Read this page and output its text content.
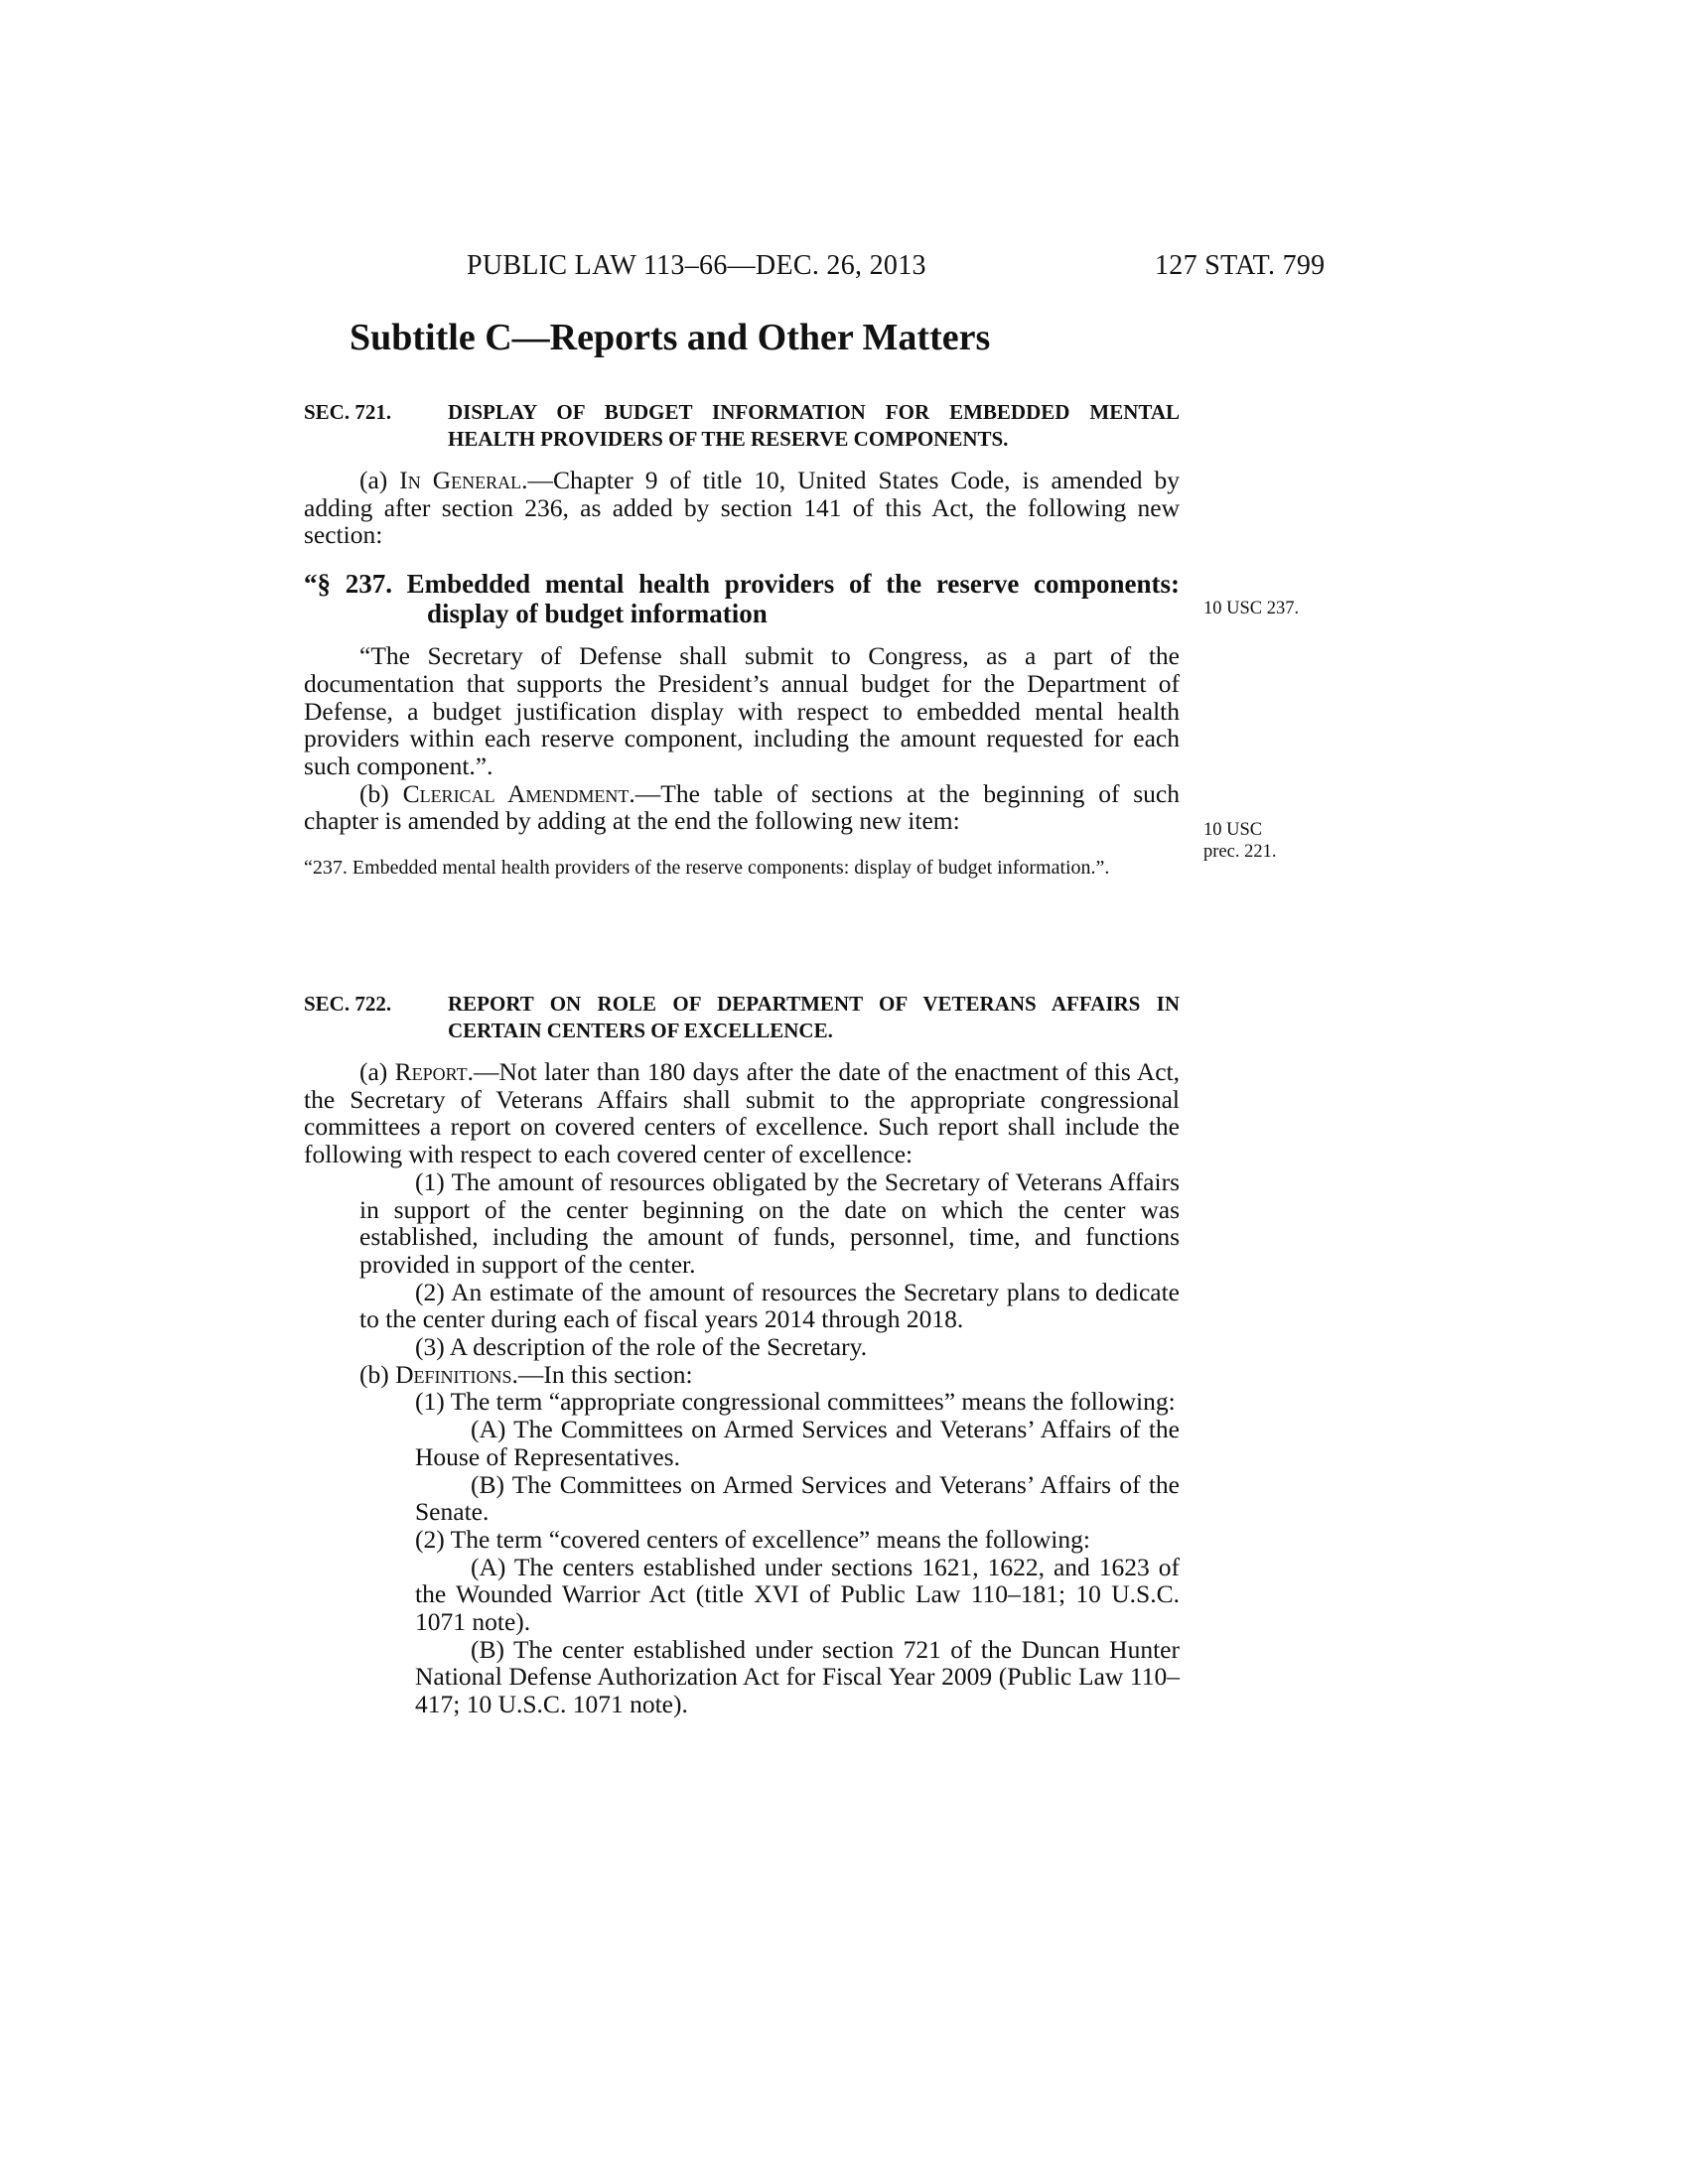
PUBLIC LAW 113–66—DEC. 26, 2013	127 STAT. 799
Subtitle C—Reports and Other Matters
SEC. 721.	DISPLAY OF BUDGET INFORMATION FOR EMBEDDED MENTAL HEALTH PROVIDERS OF THE RESERVE COMPONENTS.

(a) In General.—Chapter 9 of title 10, United States Code, is amended by adding after section 236, as added by section 141 of this Act, the following new section:

“§ 237. Embedded mental health providers of the reserve components: display of budget information

“The Secretary of Defense shall submit to Congress, as a part of the documentation that supports the President’s annual budget for the Department of Defense, a budget justification display with respect to embedded mental health providers within each reserve component, including the amount requested for each such component.”.

(b) Clerical Amendment.—The table of sections at the beginning of such chapter is amended by adding at the end the following new item:

“237. Embedded mental health providers of the reserve components: display of budget information.”.

SEC. 722.	REPORT ON ROLE OF DEPARTMENT OF VETERANS AFFAIRS IN CERTAIN CENTERS OF EXCELLENCE.

(a) Report.—Not later than 180 days after the date of the enactment of this Act, the Secretary of Veterans Affairs shall submit to the appropriate congressional committees a report on covered centers of excellence. Such report shall include the following with respect to each covered center of excellence:

(1) The amount of resources obligated by the Secretary of Veterans Affairs in support of the center beginning on the date on which the center was established, including the amount of funds, personnel, time, and functions provided in support of the center.

(2) An estimate of the amount of resources the Secretary plans to dedicate to the center during each of fiscal years 2014 through 2018.

(3) A description of the role of the Secretary.

(b) Definitions.—In this section:

(1) The term “appropriate congressional committees” means the following:

(A) The Committees on Armed Services and Veterans’ Affairs of the House of Representatives.

(B) The Committees on Armed Services and Veterans’ Affairs of the Senate.

(2) The term “covered centers of excellence” means the following:

(A) The centers established under sections 1621, 1622, and 1623 of the Wounded Warrior Act (title XVI of Public Law 110–181; 10 U.S.C. 1071 note).

(B) The center established under section 721 of the Duncan Hunter National Defense Authorization Act for Fiscal Year 2009 (Public Law 110–417; 10 U.S.C. 1071 note).

10 USC 237.
10 USC
prec. 221.
